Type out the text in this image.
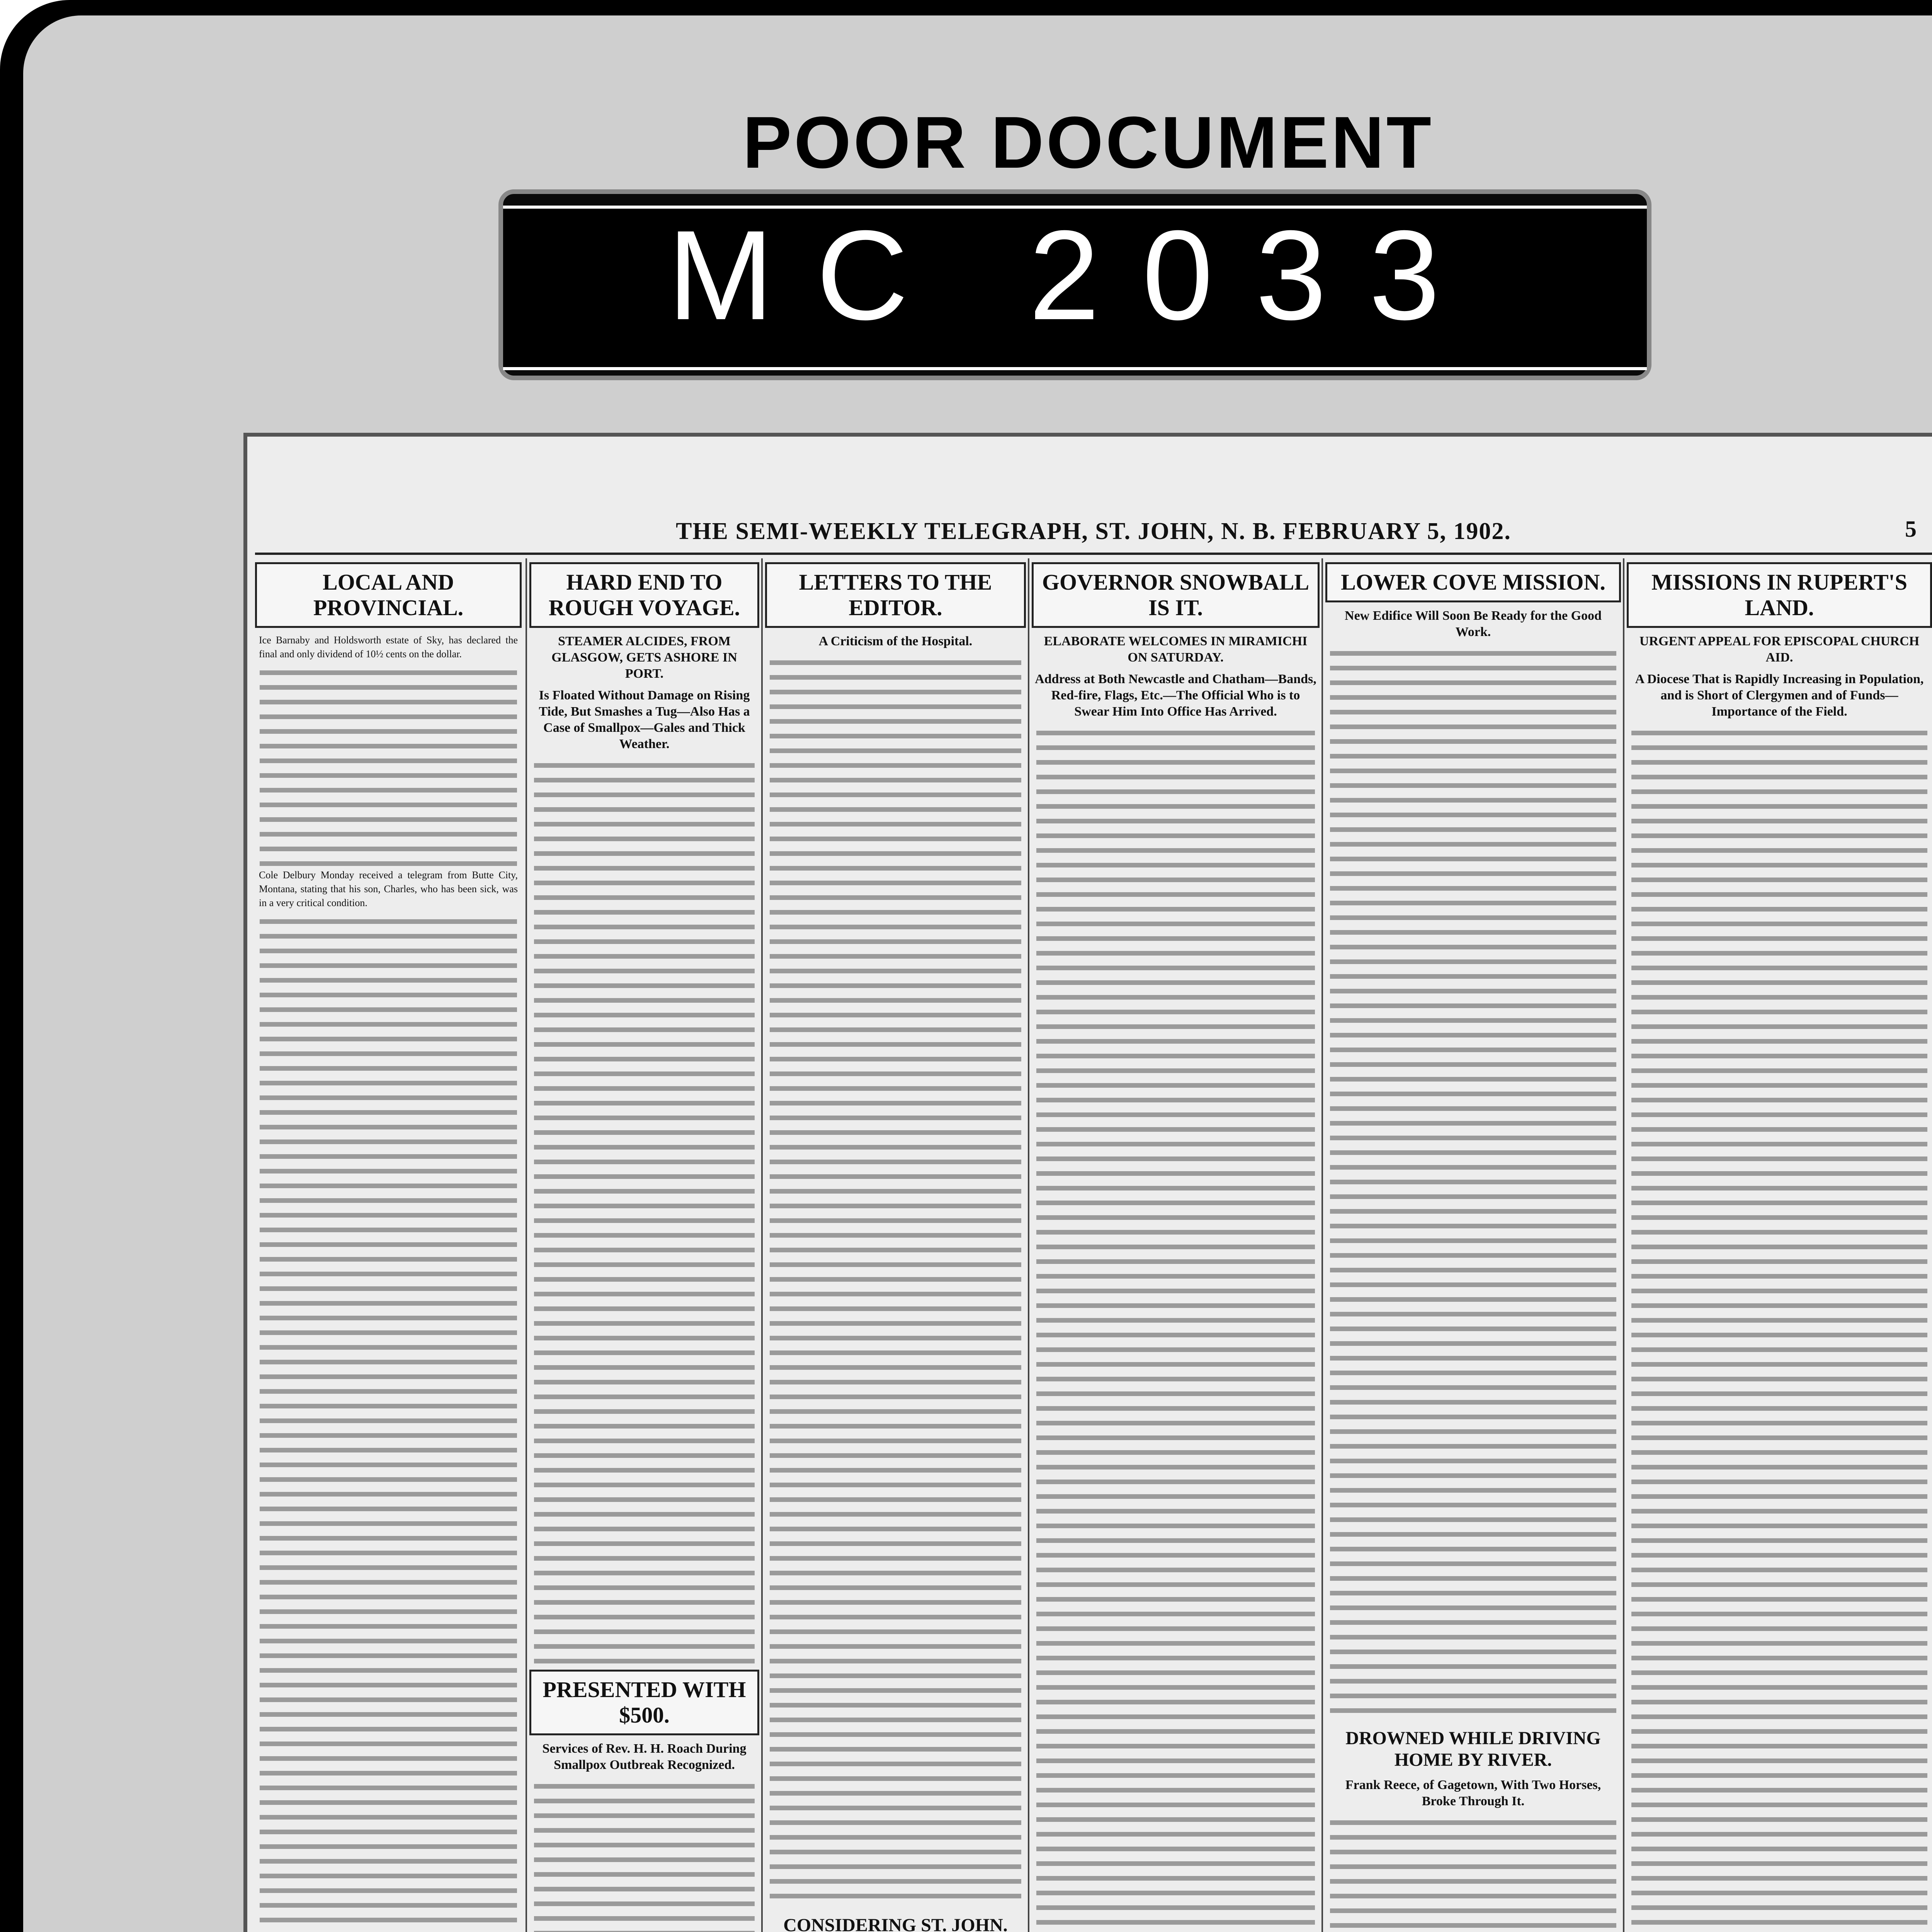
POOR DOCUMENT
MC 2033
THE SEMI-WEEKLY TELEGRAPH, ST. JOHN, N. B. FEBRUARY 5, 1902.	5
LOCAL AND PROVINCIAL.
Ice Barnaby and Holdsworth estate of Sky, has declared the final and only dividend of 10½ cents on the dollar.
Cole Delbury Monday received a telegram from Butte City, Montana, stating that his son, Charles, who has been sick, was in a very critical condition.
HARD END TO ROUGH VOYAGE.
STEAMER ALCIDES, FROM GLASGOW, GETS ASHORE IN PORT.
Is Floated Without Damage on Rising Tide, But Smashes a Tug—Also Has a Case of Smallpox—Gales and Thick Weather.
PRESENTED WITH $500.
Services of Rev. H. H. Roach During Smallpox Outbreak Recognized.
LETTERS TO THE EDITOR.
A Criticism of the Hospital.
CONSIDERING ST. JOHN.
GOVERNOR SNOWBALL IS IT.
ELABORATE WELCOMES IN MIRAMICHI ON SATURDAY.
Address at Both Newcastle and Chatham—Bands, Red-fire, Flags, Etc.—The Official Who is to Swear Him Into Office Has Arrived.
LOWER COVE MISSION.
New Edifice Will Soon Be Ready for the Good Work.
DROWNED WHILE DRIVING HOME BY RIVER.
Frank Reece, of Gagetown, With Two Horses, Broke Through It.
MISSIONS IN RUPERT'S LAND.
URGENT APPEAL FOR EPISCOPAL CHURCH AID.
A Diocese That is Rapidly Increasing in Population, and is Short of Clergymen and of Funds—Importance of the Field.
